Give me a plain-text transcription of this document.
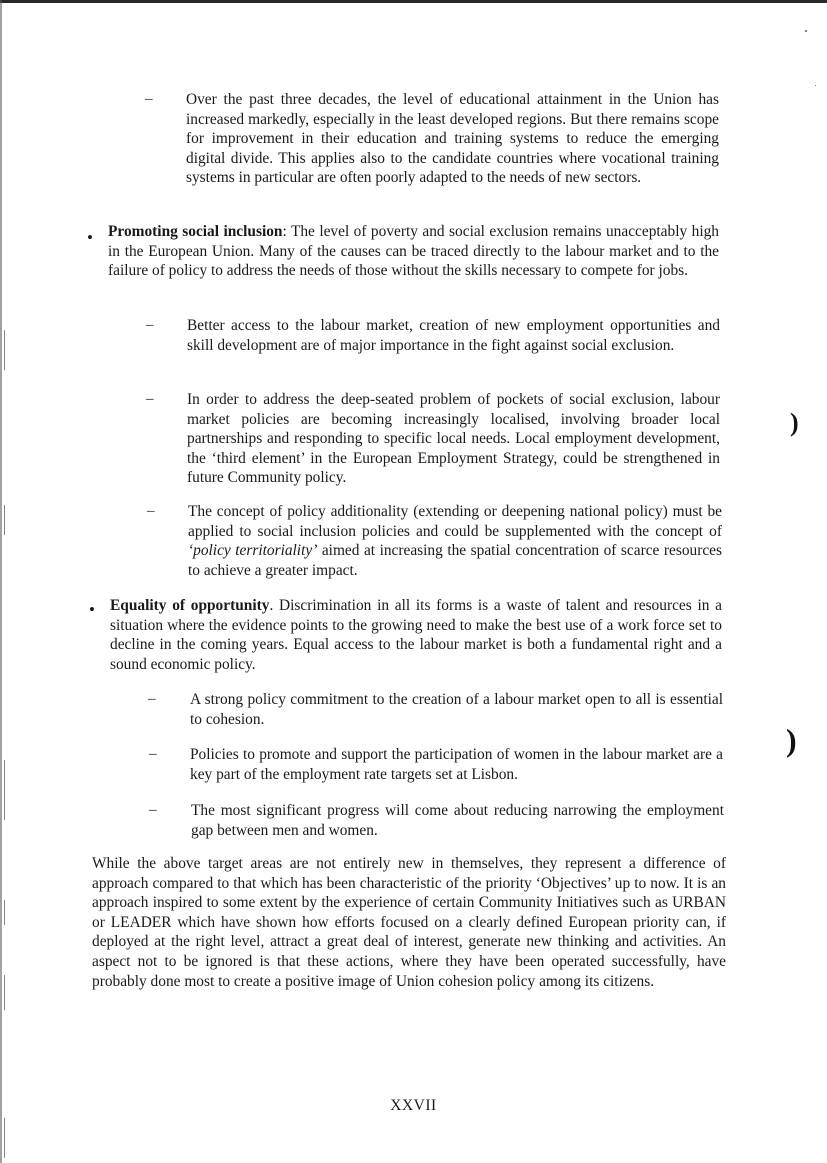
)
)
– Over the past three decades, the level of educational attainment in the Union has increased markedly, especially in the least developed regions. But there remains scope for improvement in their education and training systems to reduce the emerging digital divide. This applies also to the candidate countries where vocational training systems in particular are often poorly adapted to the needs of new sectors.
• Promoting social inclusion: The level of poverty and social exclusion remains unacceptably high in the European Union. Many of the causes can be traced directly to the labour market and to the failure of policy to address the needs of those without the skills necessary to compete for jobs.
– Better access to the labour market, creation of new employment opportunities and skill development are of major importance in the fight against social exclusion.
– In order to address the deep-seated problem of pockets of social exclusion, labour market policies are becoming increasingly localised, involving broader local partnerships and responding to specific local needs. Local employment development, the ‘third element’ in the European Employment Strategy, could be strengthened in future Community policy.
– The concept of policy additionality (extending or deepening national policy) must be applied to social inclusion policies and could be supplemented with the concept of ‘policy territoriality’ aimed at increasing the spatial concentration of scarce resources to achieve a greater impact.
• Equality of opportunity. Discrimination in all its forms is a waste of talent and resources in a situation where the evidence points to the growing need to make the best use of a work force set to decline in the coming years. Equal access to the labour market is both a fundamental right and a sound economic policy.
– A strong policy commitment to the creation of a labour market open to all is essential to cohesion.
– Policies to promote and support the participation of women in the labour market are a key part of the employment rate targets set at Lisbon.
– The most significant progress will come about reducing narrowing the employment gap between men and women.
While the above target areas are not entirely new in themselves, they represent a difference of approach compared to that which has been characteristic of the priority ‘Objectives’ up to now. It is an approach inspired to some extent by the experience of certain Community Initiatives such as URBAN or LEADER which have shown how efforts focused on a clearly defined European priority can, if deployed at the right level, attract a great deal of interest, generate new thinking and activities. An aspect not to be ignored is that these actions, where they have been operated successfully, have probably done most to create a positive image of Union cohesion policy among its citizens.
XXVII
